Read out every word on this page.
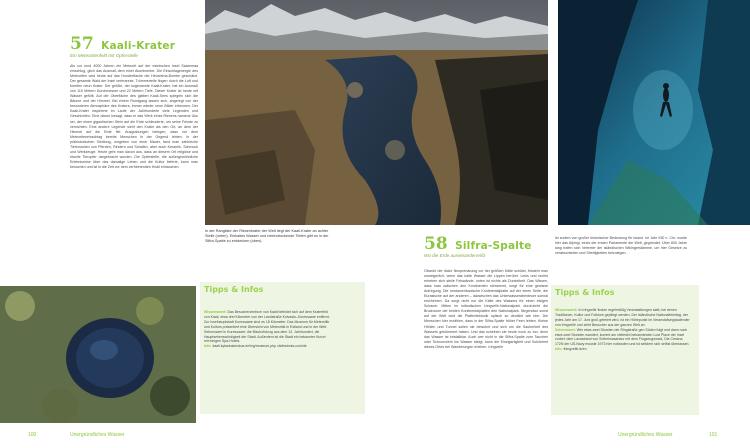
57 Kaali-Krater
Ein Meteoritenfeld mit Opferstelle

Als vor rund 4000 Jahren ein Meteorit auf der estnischen Insel Saaremaa einschlug, glich das Ausmaß dem einer Atombombe. Die Einschlagenergie des Meteoriten wird heute auf das Hundertfache der Hiroshima-Bombe geschätzt. Der gesamte Wald der Insel verbrannte, Trümmerteile flogen durch die Luft und formten neun Krater. Der größte, der sogenannte Kaali-Krater, hat ein Ausmaß von 110 Metern Durchmesser und 22 Metern Tiefe. Dieser Krater ist heute mit Wasser gefüllt. Auf der Oberfläche des glatten Kaali-Sees spiegeln sich die Bäume und der Himmel. Bei einem Rundgang lassen sich, angeregt von der besonderen Atmosphäre des Kraters, immer wieder neue Bilder erkennen. Der Kaali-Krater inspirierte im Laufe der Jahrhunderte viele Legenden und Geschichten. Eine davon besagt, dass er das Werk eines Riesens namens Uku sei, der einen gigantischen Stein auf die Erde schleuderte, um seine Feinde zu vernichten. Eine andere Legende sieht den Krater als den Ort, an dem der Himmel auf die Erde fiel. Ausgrabungen belegen, dass vor dem Meteoriteneinschlag bereits Menschen in der Gegend lebten. In der prähistorischen Siedlung, umgeben von einer Mauer, fand man zahlreiche Tierknochen von Pferden, Rindern und Schafen, aber auch Keramik, Schmuck und Werkzeuge. Heute geht man davon aus, dass an diesem Ort religiöse und rituelle Tieropfer dargebracht wurden. Die Opferstelle, die außergewöhnliche Erlebnisreise über das damalige Leben und die Kultur lieferte, kann man besuchen und ist in die Zeit vor dem verheerenden Knall eintauchen.

In der Rangliste der Riesenkrater der Welt liegt der Kaali-Krater an achter Stelle (unten). Einkaltes Wasser und beeindruckende Tiefen gibt es in der Silfra-Spalte zu entdecken (oben).
Tipps & Infos

Wissenswert: Das Besucherzentrum von Kaali befindet sich auf dem Kraterfeld von Kaali, etwa drei Kilometer von der Landstraße Kuivastu–Kuressaare entfernt. Zur Inselhauptstadt Kuressaare sind es 18 Kilometer. Das Museum für Meteoritik und Kulturs präsentiert eine Übersicht von Meteoritik in Estland und in der Welt. Sehenswert in Kuressaare: die Bischofsburg aus dem 13. Jahrhundert, die Hauptsehenswürdigkeit der Stadt. Außerdem ist die Stadt ein bekannter Kurort mit einigen Spa-Hotels.

Info: kaali.kylastuskeskus.ee/ing/museum.php visitestonia.com/de

100	Unergründliches Wasser
58 Silfra-Spalte
Wo die Erde auseinanderreißt

Obwohl der dicke Neoprenanzug vor der größten Kälte schützt, frösteln man unweigerlich, wenn das kalte Wasser die Lippen berührt. Links und rechts erheben sich steile Felswände, unten ist nichts als Dunkelheit. Das Wissen, dass man zwischen den Kontinenten schwimmt, sorgt für eine gewisse Aufregung. Die nordamerikanische Kontinentalplatte auf der einen Seite, die Eurasische auf der anderen – dazwischen das Unterwasserabenteuer sonnal erscheinen. Da sorgt nicht nur die Kälte des Wassers für einen eisigen Schauer. Mitten im isländischen Þingvellir-Nationalpark durchzieht die Bruchzone der beiden Kontinentalplatten den Nationalpark. Nirgendwo sonst auf der Welt wird die Plattentektonik optisch so deutlich wie hier. Die Menschen hier erzählen, dass in der Silfra-Spalte früher Feen lebten. Kleine Höhlen und Tunnel sollen sie bewohnt und sich um die Sauberkeit des Wassers gekümmert haben. Und das scheinen sie heute noch zu tun, denn das Wasser ist kristallklar. Auch wer nicht in die Silfra-Spalte zum Tauchen oder Schnorcheln ins Wasser steigt, kann die Einzigartigkeit und Schönheit dieses Ortes bei Wanderungen erleben. Þingvellir

ist zudem von großer historischer Bedeutung für Island. Im Jahr 930 n. Chr. wurde hier das Alþingi, eines der ersten Parlamente der Welt, gegründet. Über 800 Jahre lang trafen sich Vertreter der isländischen Wikingerstämme, um hier Gesetze zu verabschieden und Streitigkeiten beizulegen.

Tipps & Infos

Wissenswert: In Þingvellir finden regelmäßig Veranstaltungen statt, bei denen Traditionen, Kultur und Folklore gepflegt werden. Der isländische Nationalfeiertag, der jedes Jahr am 17. Juni groß gefeiert wird, ist ein Höhepunkt im Veranstaltungskalender von Þingvellir und zieht Besucher aus der ganzen Welt an.

Sehenswert: Wer etwa zwei Stunden der Ringstraße gen Süden folgt und dann noch etwa zwei Stunden wandert, kommt am vielleicht bekanntesten Lost Place der Insel vorbei: dem Lavastrand von Sólheimasandur mit dem Flugzeugwrack, Die Cessna 172N der US-Navy musste 1973 hier notlanden und ist seitdem sich selbst überlassen.

Info: thingvellir.is/en

Unergründliches Wasser	101
